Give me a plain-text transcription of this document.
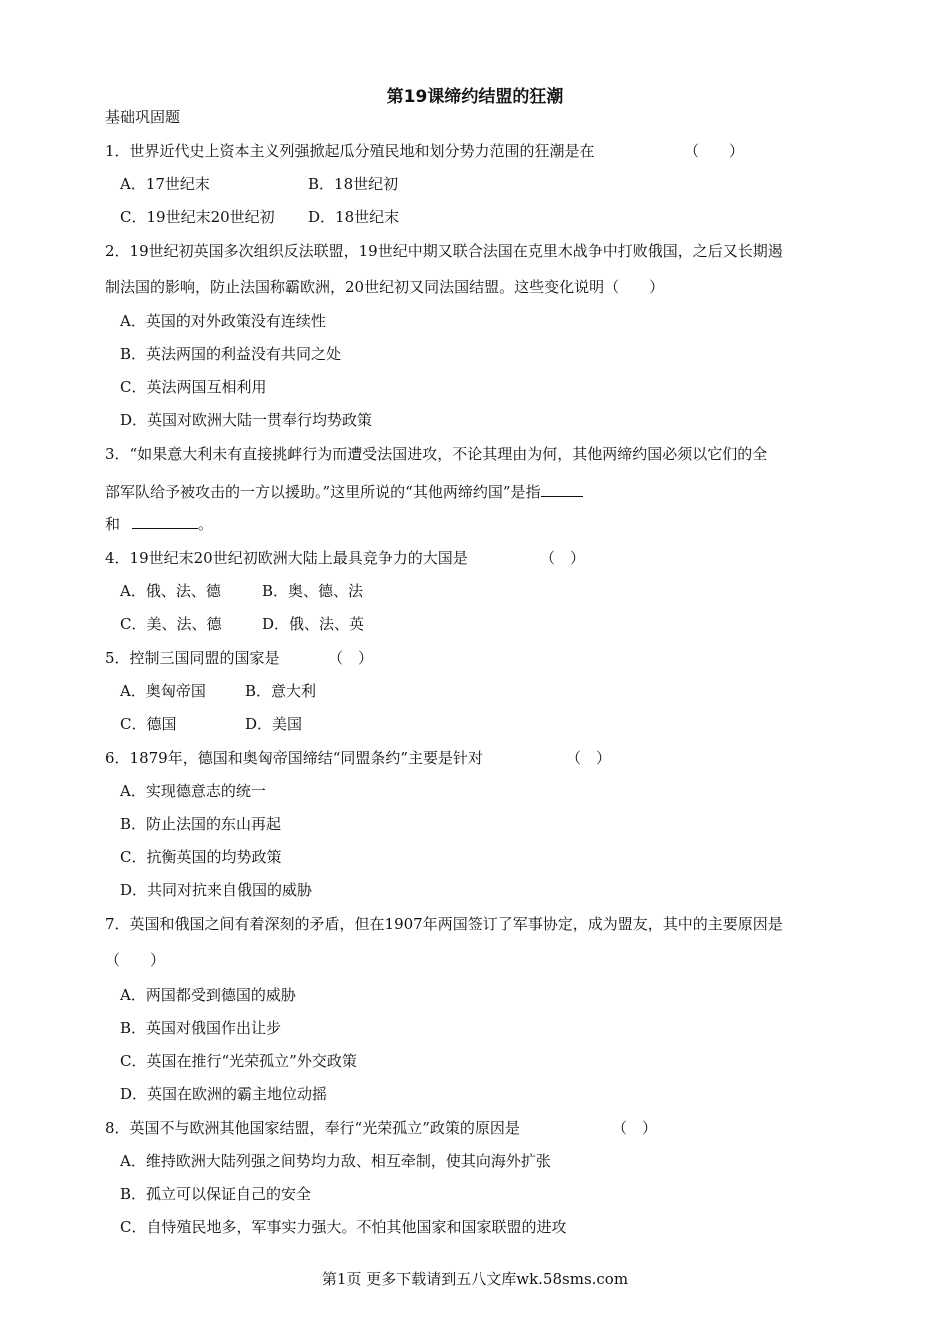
第19课缔约结盟的狂潮
基础巩固题
1．世界近代史上资本主义列强掀起瓜分殖民地和划分势力范围的狂潮是在	（　　）
A．17世纪末	B．18世纪初
C．19世纪末20世纪初 D．18世纪末
2．19世纪初英国多次组织反法联盟，19世纪中期又联合法国在克里木战争中打败俄国，之后又长期遏
制法国的影响，防止法国称霸欧洲，20世纪初又同法国结盟。这些变化说明（　　）
A．英国的对外政策没有连续性
B．英法两国的利益没有共同之处
C．英法两国互相利用
D．英国对欧洲大陆一贯奉行均势政策
3．“如果意大利未有直接挑衅行为而遭受法国进攻，不论其理由为何，其他两缔约国必须以它们的全
部军队给予被攻击的一方以援助。”这里所说的“其他两缔约国”是指
和	。
4．19世纪末20世纪初欧洲大陆上最具竞争力的大国是	（　）
A．俄、法、德	B．奥、德、法
C．美、法、德	D．俄、法、英
5．控制三国同盟的国家是	（　）
A．奥匈帝国	B．意大利
C．德国	D．美国
6．1879年，德国和奥匈帝国缔结“同盟条约”主要是针对	（　）
A．实现德意志的统一
B．防止法国的东山再起
C．抗衡英国的均势政策
D．共同对抗来自俄国的威胁
7．英国和俄国之间有着深刻的矛盾，但在1907年两国签订了军事协定，成为盟友，其中的主要原因是
（　　）
A．两国都受到德国的威胁
B．英国对俄国作出让步
C．英国在推行“光荣孤立”外交政策
D．英国在欧洲的霸主地位动摇
8．英国不与欧洲其他国家结盟，奉行“光荣孤立”政策的原因是	（　）
A．维持欧洲大陆列强之间势均力敌、相互牵制，使其向海外扩张
B．孤立可以保证自己的安全
C．自恃殖民地多，军事实力强大。不怕其他国家和国家联盟的进攻
第1页 更多下载请到五八文库wk.58sms.com
